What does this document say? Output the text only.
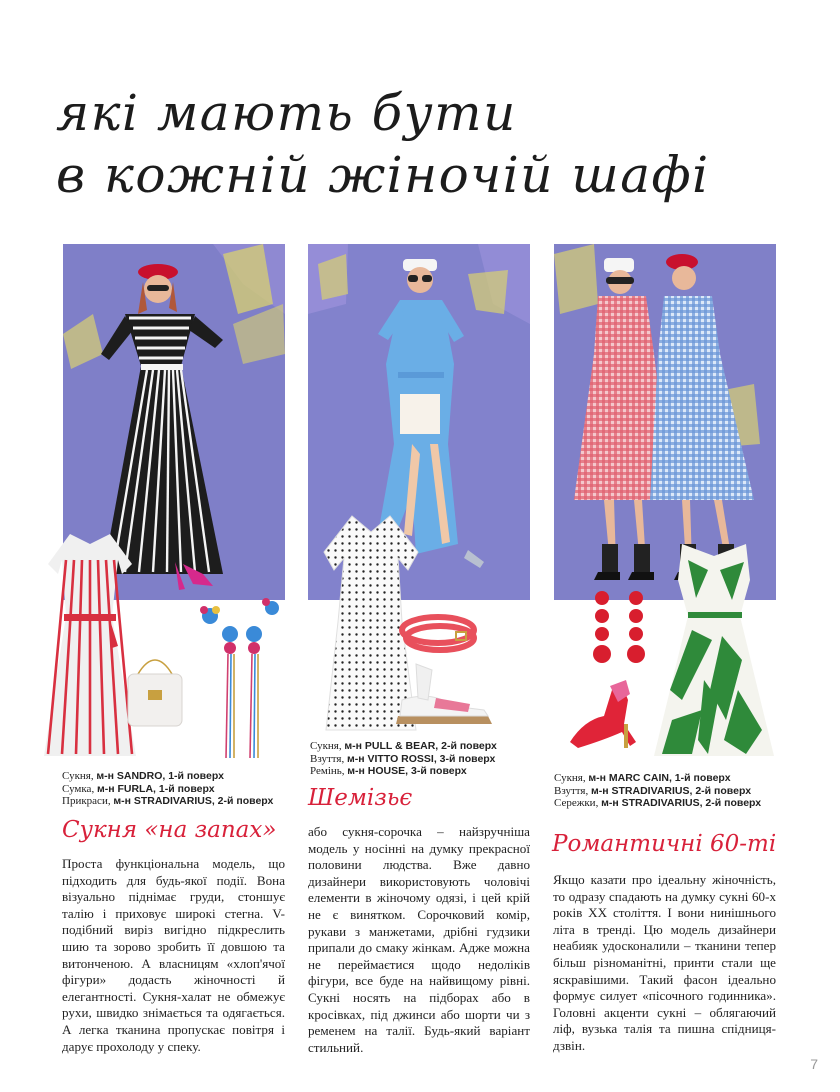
які мають бути
в кожній жіночій шафі
Сукня, м-н SANDRO, 1-й поверх
Сумка, м-н FURLA, 1-й поверх
Прикраси, м-н STRADIVARIUS, 2-й поверх
Сукня, м-н PULL & BEAR, 2-й поверх
Взуття, м-н VITTO ROSSI, 3-й поверх
Ремінь, м-н HOUSE, 3-й поверх
Сукня, м-н MARC CAIN, 1-й поверх
Взуття, м-н STRADIVARIUS, 2-й поверх
Сережки, м-н STRADIVARIUS, 2-й поверх
Сукня «на запах»
Шемізьє
Романтичні 60-ті

Проста функціональна модель, що підходить для будь-якої події. Вона візуально піднімає груди, стоншує талію і приховує широкі стегна. V-подібний виріз вигідно підкреслить шию та зорово зробить її довшою та витонченою. А власницям «хлоп'ячої фігури» додасть жіночності й елегантності. Сукня-халат не обмежує рухи, швидко знімається та одягається. А легка тканина пропускає повітря і дарує прохолоду у спеку.

або сукня-сорочка – найзручніша модель у носінні на думку прекрасної половини людства. Вже давно дизайнери використовують чоловічі елементи в жіночому одязі, і цей крій не є винятком. Сорочковий комір, рукави з манжетами, дрібні гудзики припали до смаку жінкам. Адже можна не переймаєтися щодо недоліків фігури, все буде на найвищому рівні. Сукні носять на підборах або в кросівках, під джинси або шорти чи з ременем на талії. Будь-який варіант стильний.

Якщо казати про ідеальну жіночність, то одразу спадають на думку сукні 60-х років ХХ століття. І вони нинішнього літа в тренді. Цю модель дизайнери неабияк удосконалили – тканини тепер більш різноманітні, принти стали ще яскравішими. Такий фасон ідеально формує силует «пісочного годинника». Головні акценти сукні – облягаючий ліф, вузька талія та пишна спідниця-дзвін.

7
